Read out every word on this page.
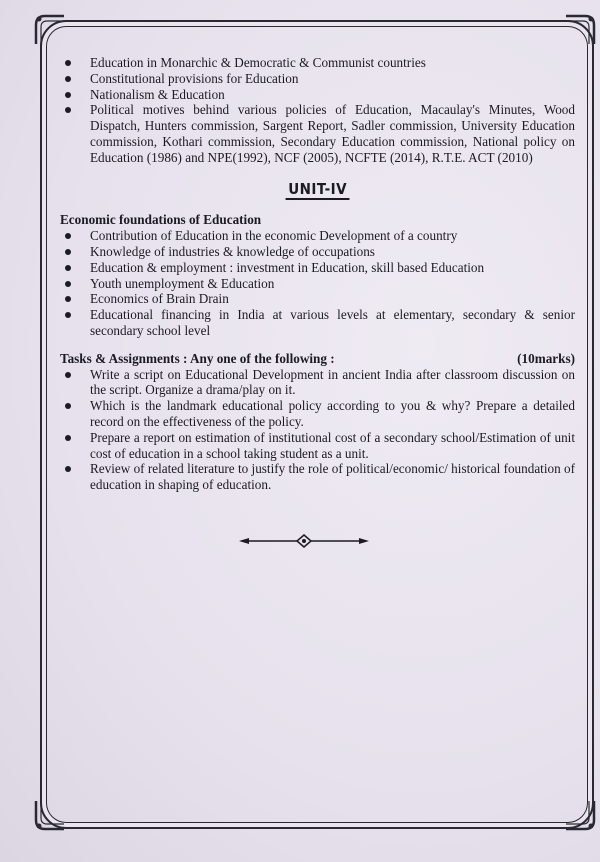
Education in Monarchic & Democratic & Communist countries
Constitutional provisions for Education
Nationalism & Education
Political motives behind various policies of Education, Macaulay's Minutes, Wood Dispatch, Hunters commission, Sargent Report, Sadler commission, University Education commission, Kothari commission, Secondary Education commission, National policy on Education (1986) and NPE(1992), NCF (2005), NCFTE (2014), R.T.E. ACT (2010)
UNIT-IV
Economic foundations of Education
Contribution of Education in the economic Development of a country
Knowledge of industries & knowledge of occupations
Education & employment : investment in Education, skill based Education
Youth unemployment & Education
Economics of Brain Drain
Educational financing in India at various levels at elementary, secondary & senior secondary school level
Tasks & Assignments : Any one of the following :	(10marks)
Write a script on Educational Development in ancient India after classroom discussion on the script. Organize a drama/play on it.
Which is the landmark educational policy according to you & why? Prepare a detailed record on the effectiveness of the policy.
Prepare a report on estimation of institutional cost of a secondary school/Estimation of unit cost of education in a school taking student as a unit.
Review of related literature to justify the role of political/economic/ historical foundation of education in shaping of education.
